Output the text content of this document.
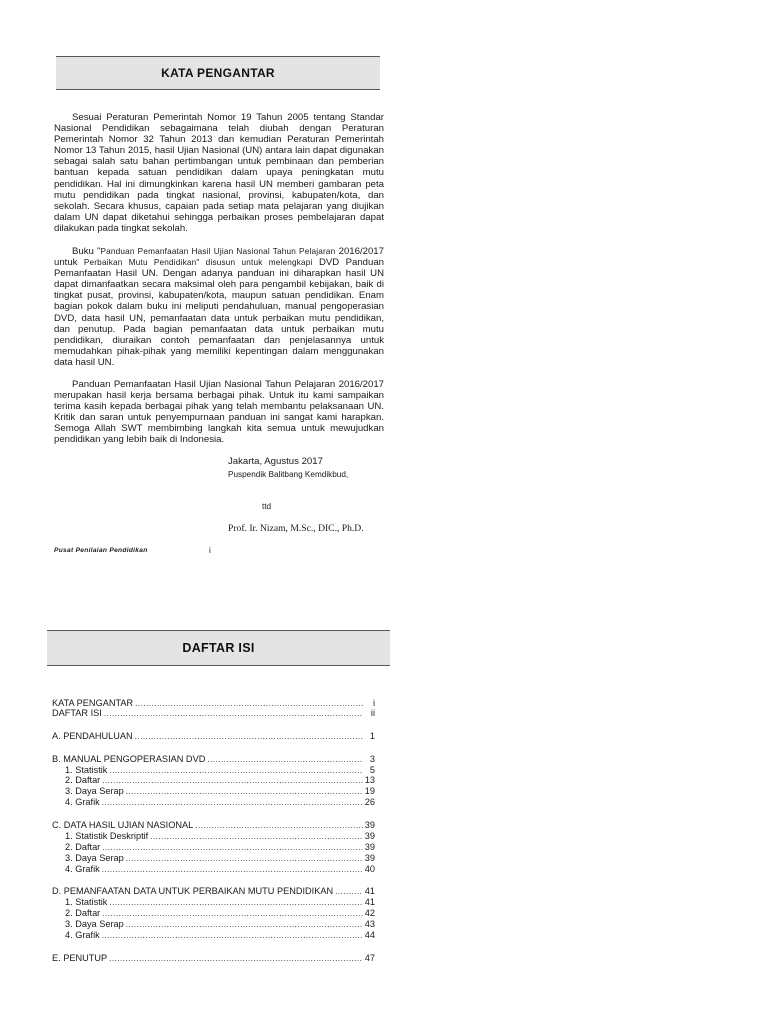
KATA PENGANTAR

Sesuai Peraturan Pemerintah Nomor 19 Tahun 2005 tentang Standar Nasional Pendidikan sebagaimana telah diubah dengan Peraturan Pemerintah Nomor 32 Tahun 2013 dan kemudian Peraturan Pemerintah Nomor 13 Tahun 2015, hasil Ujian Nasional (UN) antara lain dapat digunakan sebagai salah satu bahan pertimbangan untuk pembinaan dan pemberian bantuan kepada satuan pendidikan dalam upaya peningkatan mutu pendidikan. Hal ini dimungkinkan karena hasil UN memberi gambaran peta mutu pendidikan pada tingkat nasional, provinsi, kabupaten/kota, dan sekolah. Secara khusus, capaian pada setiap mata pelajaran yang diujikan dalam UN dapat diketahui sehingga perbaikan proses pembelajaran dapat dilakukan pada tingkat sekolah.

Buku "Panduan Pemanfaatan Hasil Ujian Nasional Tahun Pelajaran 2016/2017 untuk Perbaikan Mutu Pendidikan" disusun untuk melengkapi DVD Panduan Pemanfaatan Hasil UN. Dengan adanya panduan ini diharapkan hasil UN dapat dimanfaatkan secara maksimal oleh para pengambil kebijakan, baik di tingkat pusat, provinsi, kabupaten/kota, maupun satuan pendidikan. Enam bagian pokok dalam buku ini meliputi pendahuluan, manual pengoperasian DVD, data hasil UN, pemanfaatan data untuk perbaikan mutu pendidikan, dan penutup. Pada bagian pemanfaatan data untuk perbaikan mutu pendidikan, diuraikan contoh pemanfaatan dan penjelasannya untuk memudahkan pihak-pihak yang memiliki kepentingan dalam menggunakan data hasil UN.

Panduan Pemanfaatan Hasil Ujian Nasional Tahun Pelajaran 2016/2017 merupakan hasil kerja bersama berbagai pihak. Untuk itu kami sampaikan terima kasih kepada berbagai pihak yang telah membantu pelaksanaan UN. Kritik dan saran untuk penyempurnaan panduan ini sangat kami harapkan. Semoga Allah SWT membimbing langkah kita semua untuk mewujudkan pendidikan yang lebih baik di Indonesia.

Jakarta, Agustus 2017
Puspendik Balitbang Kemdikbud,
ttd
Prof. Ir. Nizam, M.Sc., DIC., Ph.D.
Pusat Penilaian Pendidikan	i
DAFTAR ISI
KATA PENGANTAR .....	i
DAFTAR ISI .....	ii
A. PENDAHULUAN .....	1
B. MANUAL PENGOPERASIAN DVD .....	3
1. Statistik .....	5
2. Daftar .....	13
3. Daya Serap .....	19
4. Grafik .....	26
C. DATA HASIL UJIAN NASIONAL .....	39
1. Statistik Deskriptif .....	39
2. Daftar .....	39
3. Daya Serap .....	39
4. Grafik .....	40
D. PEMANFAATAN DATA UNTUK PERBAIKAN MUTU PENDIDIKAN .....	41
1. Statistik .....	41
2. Daftar .....	42
3. Daya Serap .....	43
4. Grafik .....	44
E. PENUTUP .....	47
